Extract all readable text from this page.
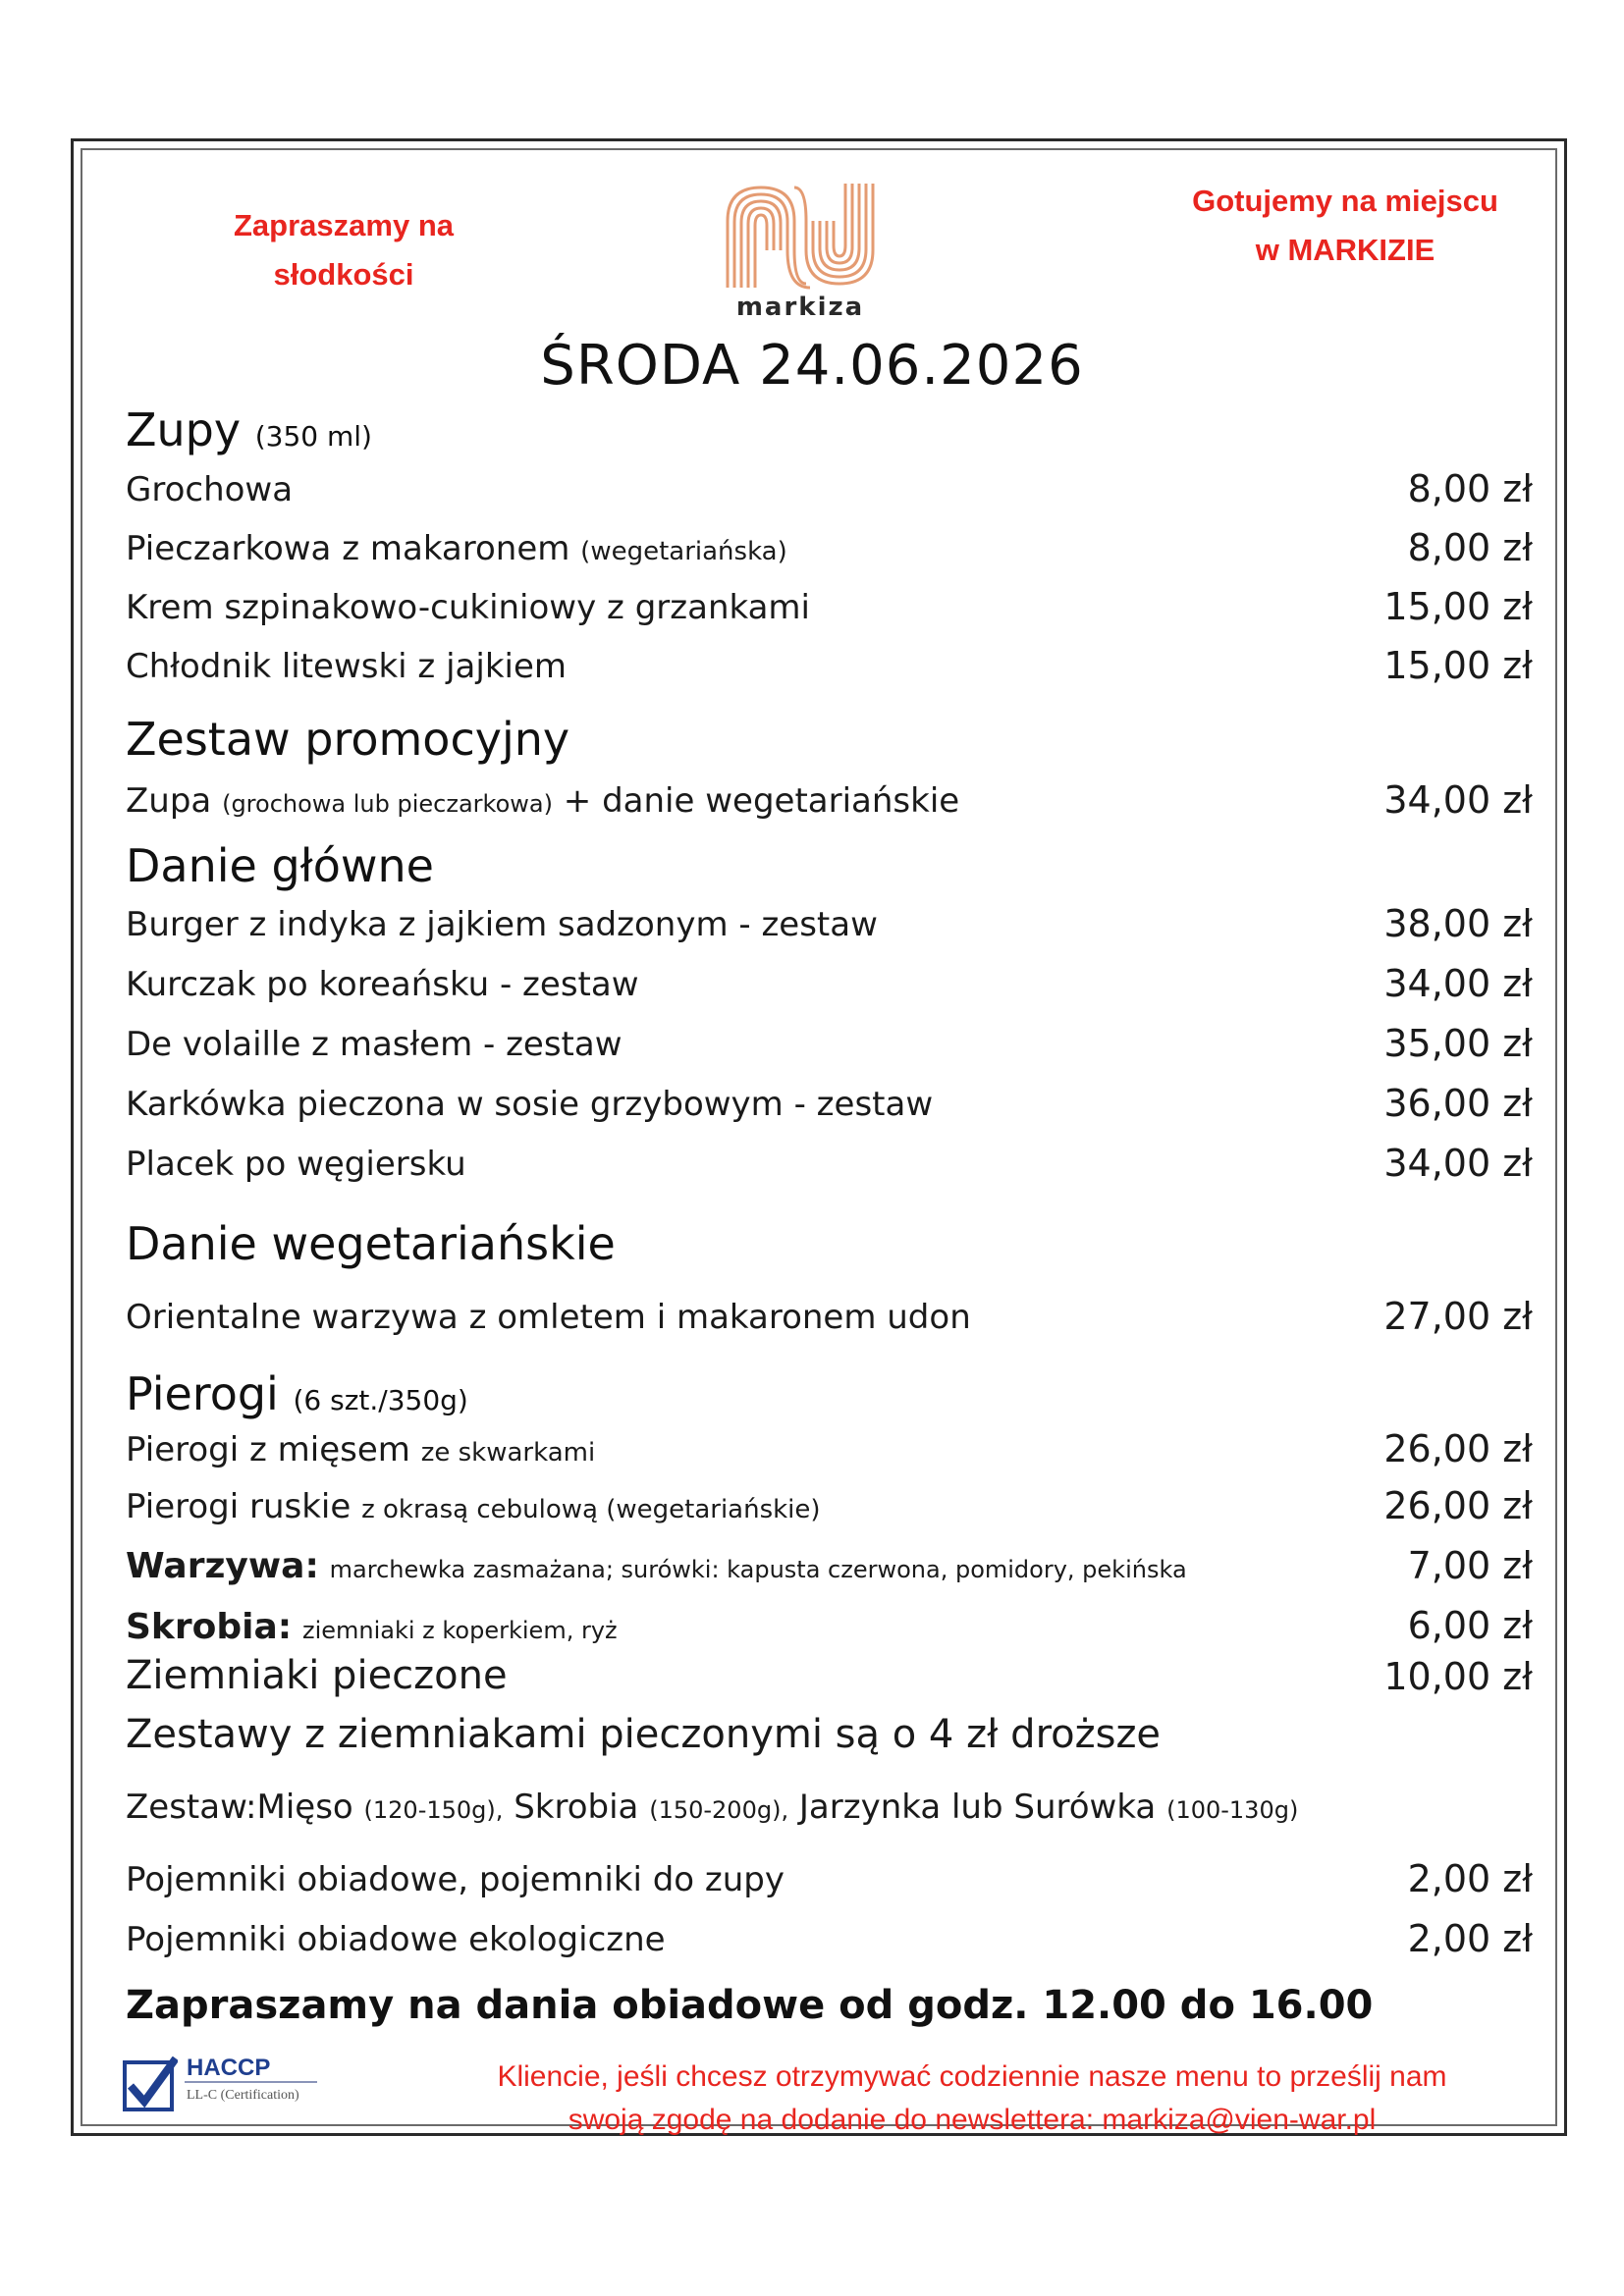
Zapraszamy na
słodkości
Gotujemy na miejscu
w MARKIZIE
markiza
ŚRODA 24.06.2026
Zupy (350 ml)
Grochowa	8,00 zł
Pieczarkowa z makaronem (wegetariańska)	8,00 zł
Krem szpinakowo-cukiniowy z grzankami	15,00 zł
Chłodnik litewski z jajkiem	15,00 zł
Zestaw promocyjny
Zupa (grochowa lub pieczarkowa) + danie wegetariańskie	34,00 zł
Danie główne
Burger z indyka z jajkiem sadzonym - zestaw	38,00 zł
Kurczak po koreańsku - zestaw	34,00 zł
De volaille z masłem - zestaw	35,00 zł
Karkówka pieczona w sosie grzybowym - zestaw	36,00 zł
Placek po węgiersku	34,00 zł
Danie wegetariańskie
Orientalne warzywa z omletem i makaronem udon	27,00 zł
Pierogi (6 szt./350g)
Pierogi z mięsem ze skwarkami	26,00 zł
Pierogi ruskie z okrasą cebulową (wegetariańskie)	26,00 zł
Warzywa: marchewka zasmażana; surówki: kapusta czerwona, pomidory, pekińska	7,00 zł
Skrobia: ziemniaki z koperkiem, ryż	6,00 zł
Ziemniaki pieczone	10,00 zł
Zestawy z ziemniakami pieczonymi są o 4 zł droższe
Zestaw:Mięso (120-150g), Skrobia (150-200g), Jarzynka lub Surówka (100-130g)
Pojemniki obiadowe, pojemniki do zupy	2,00 zł
Pojemniki obiadowe ekologiczne	2,00 zł
Zapraszamy na dania obiadowe od godz. 12.00 do 16.00
HACCP
LL-C (Certification)
Kliencie, jeśli chcesz otrzymywać codziennie nasze menu to prześlij nam
swoją zgodę na dodanie do newslettera: markiza@vien-war.pl
